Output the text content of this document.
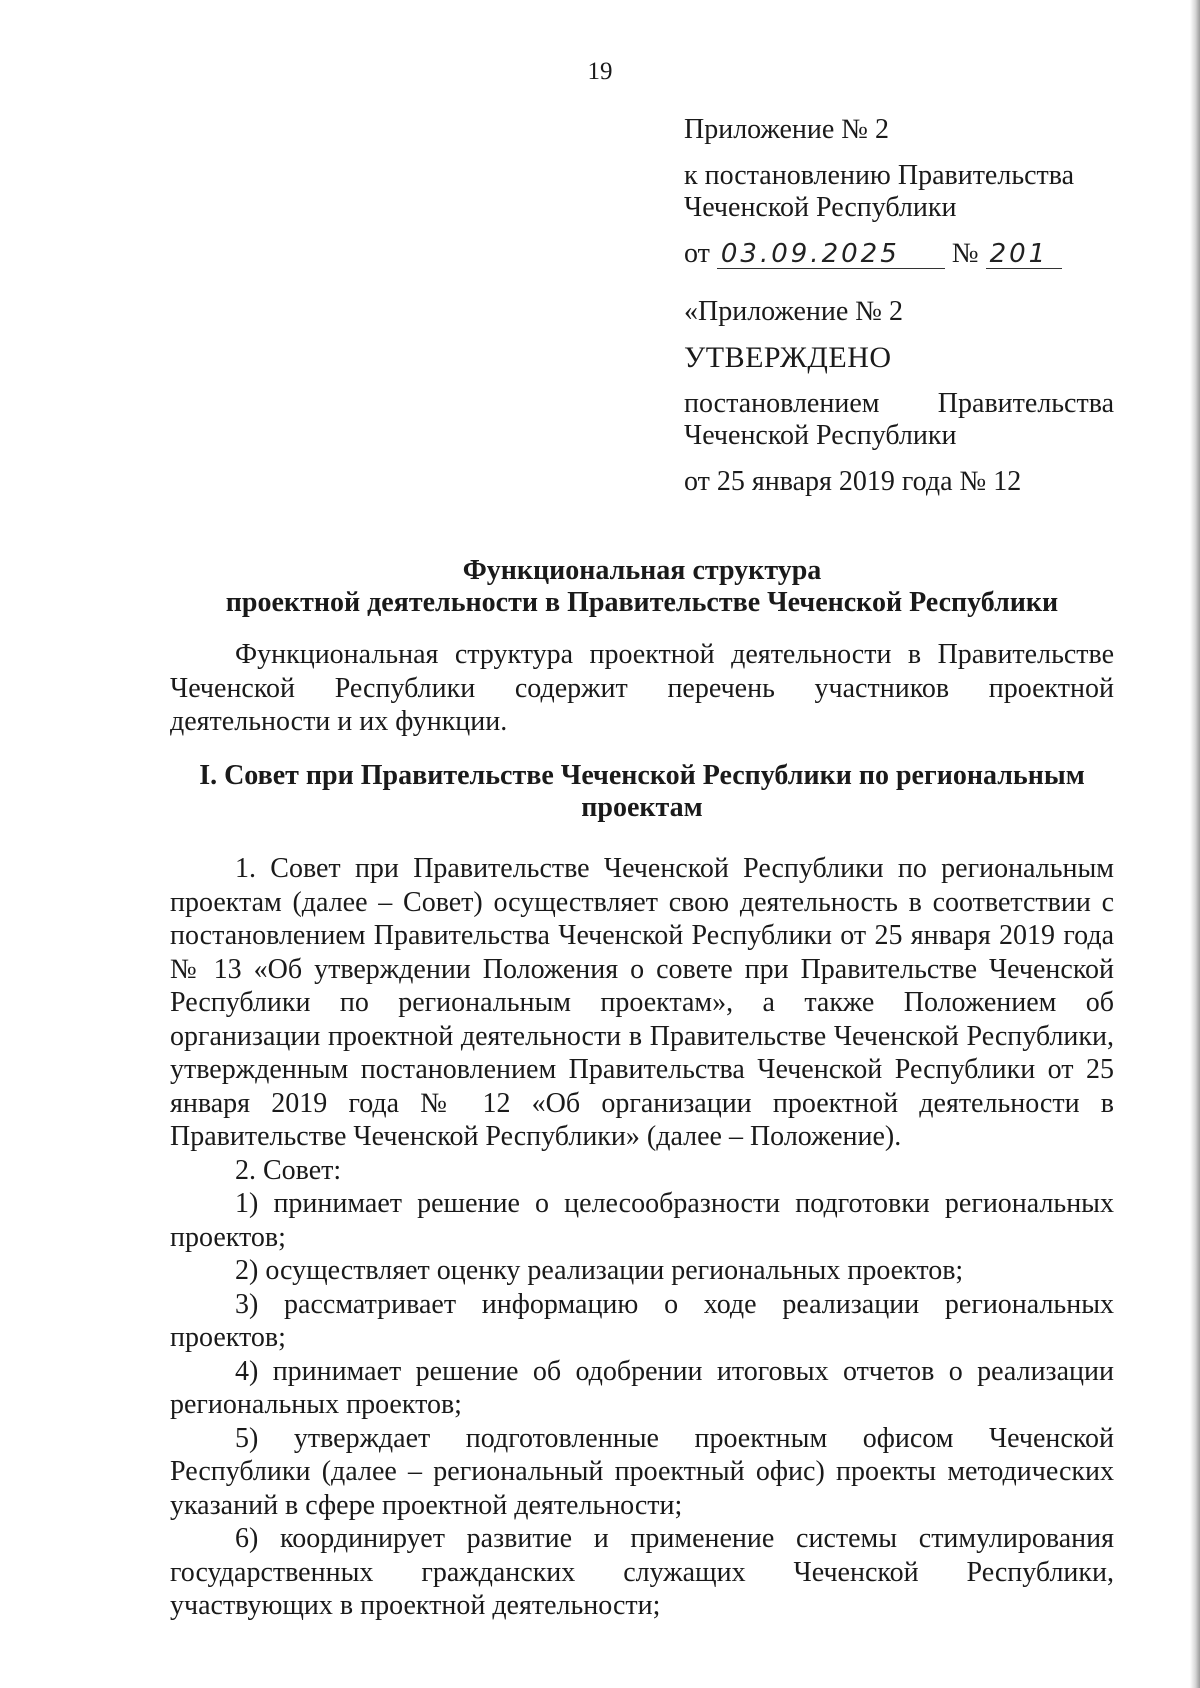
19
Приложение № 2
к постановлению Правительства
Чеченской Республики
от 03.09.2025 № 201
«Приложение № 2
УТВЕРЖДЕНО
постановлением Правительства
Чеченской Республики
от 25 января 2019 года № 12
Функциональная структура
проектной деятельности в Правительстве Чеченской Республики

Функциональная структура проектной деятельности в Правительстве Чеченской Республики содержит перечень участников проектной деятельности и их функции.

I. Совет при Правительстве Чеченской Республики по региональным
проектам

1. Совет при Правительстве Чеченской Республики по региональным проектам (далее – Совет) осуществляет свою деятельность в соответствии с постановлением Правительства Чеченской Республики от 25 января 2019 года № 13 «Об утверждении Положения о совете при Правительстве Чеченской Республики по региональным проектам», а также Положением об организации проектной деятельности в Правительстве Чеченской Республики, утвержденным постановлением Правительства Чеченской Республики от 25 января 2019 года № 12 «Об организации проектной деятельности в Правительстве Чеченской Республики» (далее – Положение).

2. Совет:

1) принимает решение о целесообразности подготовки региональных проектов;

2) осуществляет оценку реализации региональных проектов;

3) рассматривает информацию о ходе реализации региональных проектов;

4) принимает решение об одобрении итоговых отчетов о реализации региональных проектов;

5) утверждает подготовленные проектным офисом Чеченской Республики (далее – региональный проектный офис) проекты методических указаний в сфере проектной деятельности;

6) координирует развитие и применение системы стимулирования государственных гражданских служащих Чеченской Республики, участвующих в проектной деятельности;
